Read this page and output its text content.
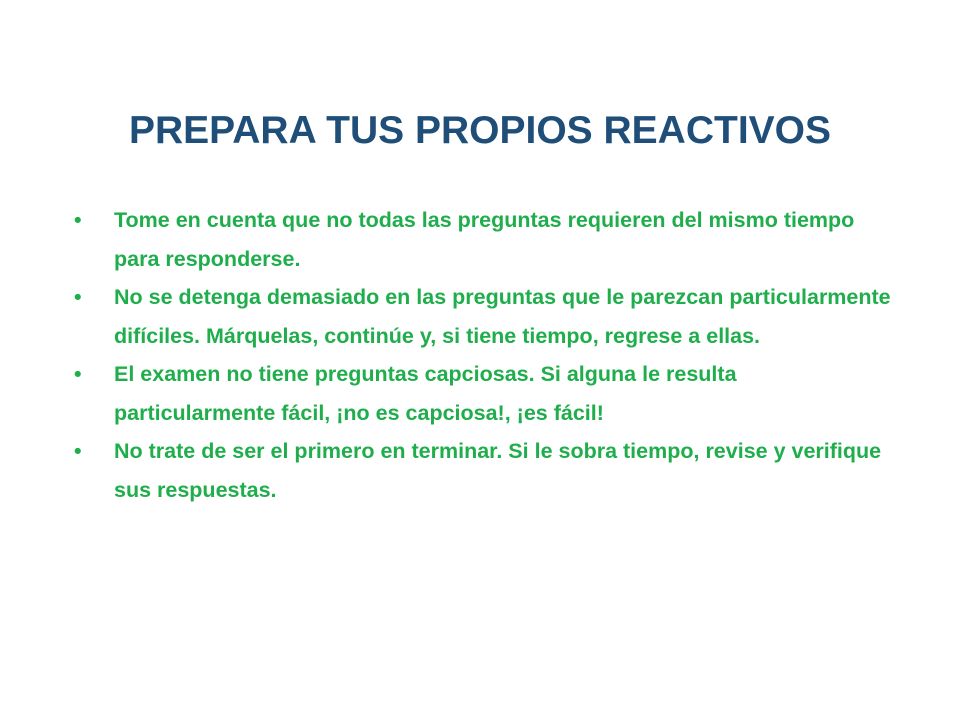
PREPARA TUS PROPIOS REACTIVOS
•	Tome en cuenta que no todas las preguntas requieren del mismo tiempo para responderse.
•	No se detenga demasiado en las preguntas que le parezcan particularmente difíciles. Márquelas, continúe y, si tiene tiempo, regrese a ellas.
•	El examen no tiene preguntas capciosas. Si alguna le resulta particularmente fácil, ¡no es capciosa!, ¡es fácil!
•	No trate de ser el primero en terminar. Si le sobra tiempo, revise y verifique sus respuestas.
